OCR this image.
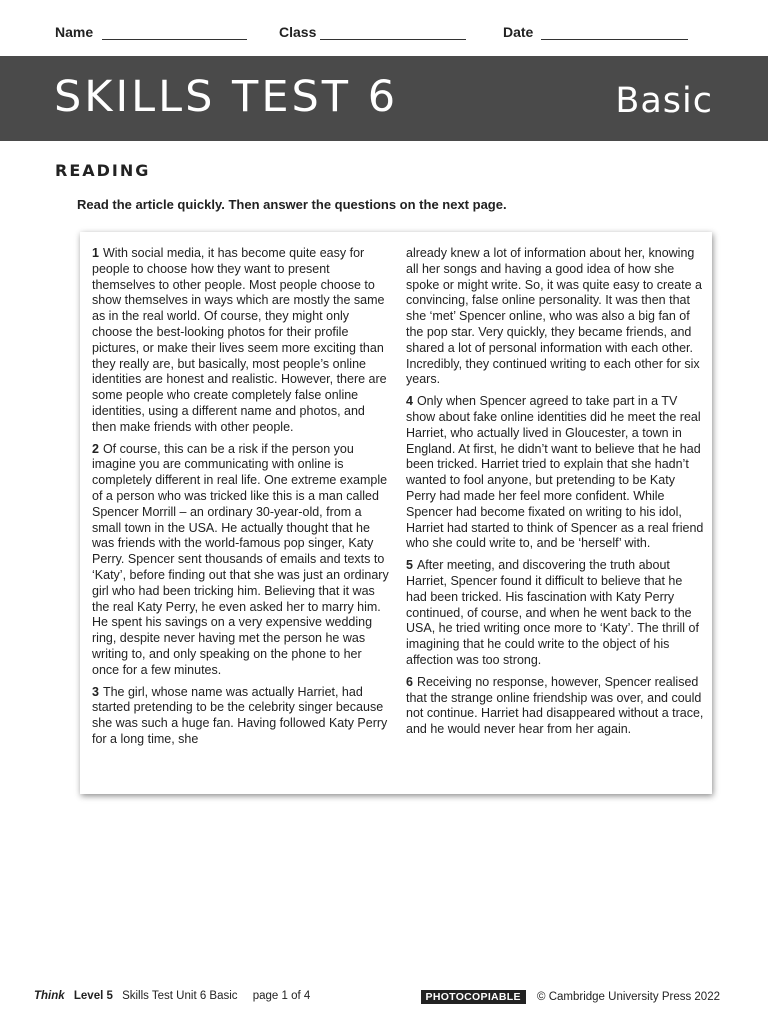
Name	Class	Date
SKILLS TEST 6	Basic
READING
Read the article quickly. Then answer the questions on the next page.

1 With social media, it has become quite easy for people to choose how they want to present themselves to other people. Most people choose to show themselves in ways which are mostly the same as in the real world. Of course, they might only choose the best-looking photos for their profile pictures, or make their lives seem more exciting than they really are, but basically, most people’s online identities are honest and realistic. However, there are some people who create completely false online identities, using a different name and photos, and then make friends with other people.

2 Of course, this can be a risk if the person you imagine you are communicating with online is completely different in real life. One extreme example of a person who was tricked like this is a man called Spencer Morrill – an ordinary 30-year-old, from a small town in the USA. He actually thought that he was friends with the world-famous pop singer, Katy Perry. Spencer sent thousands of emails and texts to ‘Katy’, before finding out that she was just an ordinary girl who had been tricking him. Believing that it was the real Katy Perry, he even asked her to marry him. He spent his savings on a very expensive wedding ring, despite never having met the person he was writing to, and only speaking on the phone to her once for a few minutes.

3 The girl, whose name was actually Harriet, had started pretending to be the celebrity singer because she was such a huge fan. Having followed Katy Perry for a long time, she

already knew a lot of information about her, knowing all her songs and having a good idea of how she spoke or might write. So, it was quite easy to create a convincing, false online personality. It was then that she ‘met’ Spencer online, who was also a big fan of the pop star. Very quickly, they became friends, and shared a lot of personal information with each other. Incredibly, they continued writing to each other for six years.

4 Only when Spencer agreed to take part in a TV show about fake online identities did he meet the real Harriet, who actually lived in Gloucester, a town in England. At first, he didn’t want to believe that he had been tricked. Harriet tried to explain that she hadn’t wanted to fool anyone, but pretending to be Katy Perry had made her feel more confident. While Spencer had become fixated on writing to his idol, Harriet had started to think of Spencer as a real friend who she could write to, and be ‘herself’ with.

5 After meeting, and discovering the truth about Harriet, Spencer found it difficult to believe that he had been tricked. His fascination with Katy Perry continued, of course, and when he went back to the USA, he tried writing once more to ‘Katy’. The thrill of imagining that he could write to the object of his affection was too strong.

6 Receiving no response, however, Spencer realised that the strange online friendship was over, and could not continue. Harriet had disappeared without a trace, and he would never hear from her again.

Think Level 5 Skills Test Unit 6 Basic page 1 of 4	PHOTOCOPIABLE © Cambridge University Press 2022
